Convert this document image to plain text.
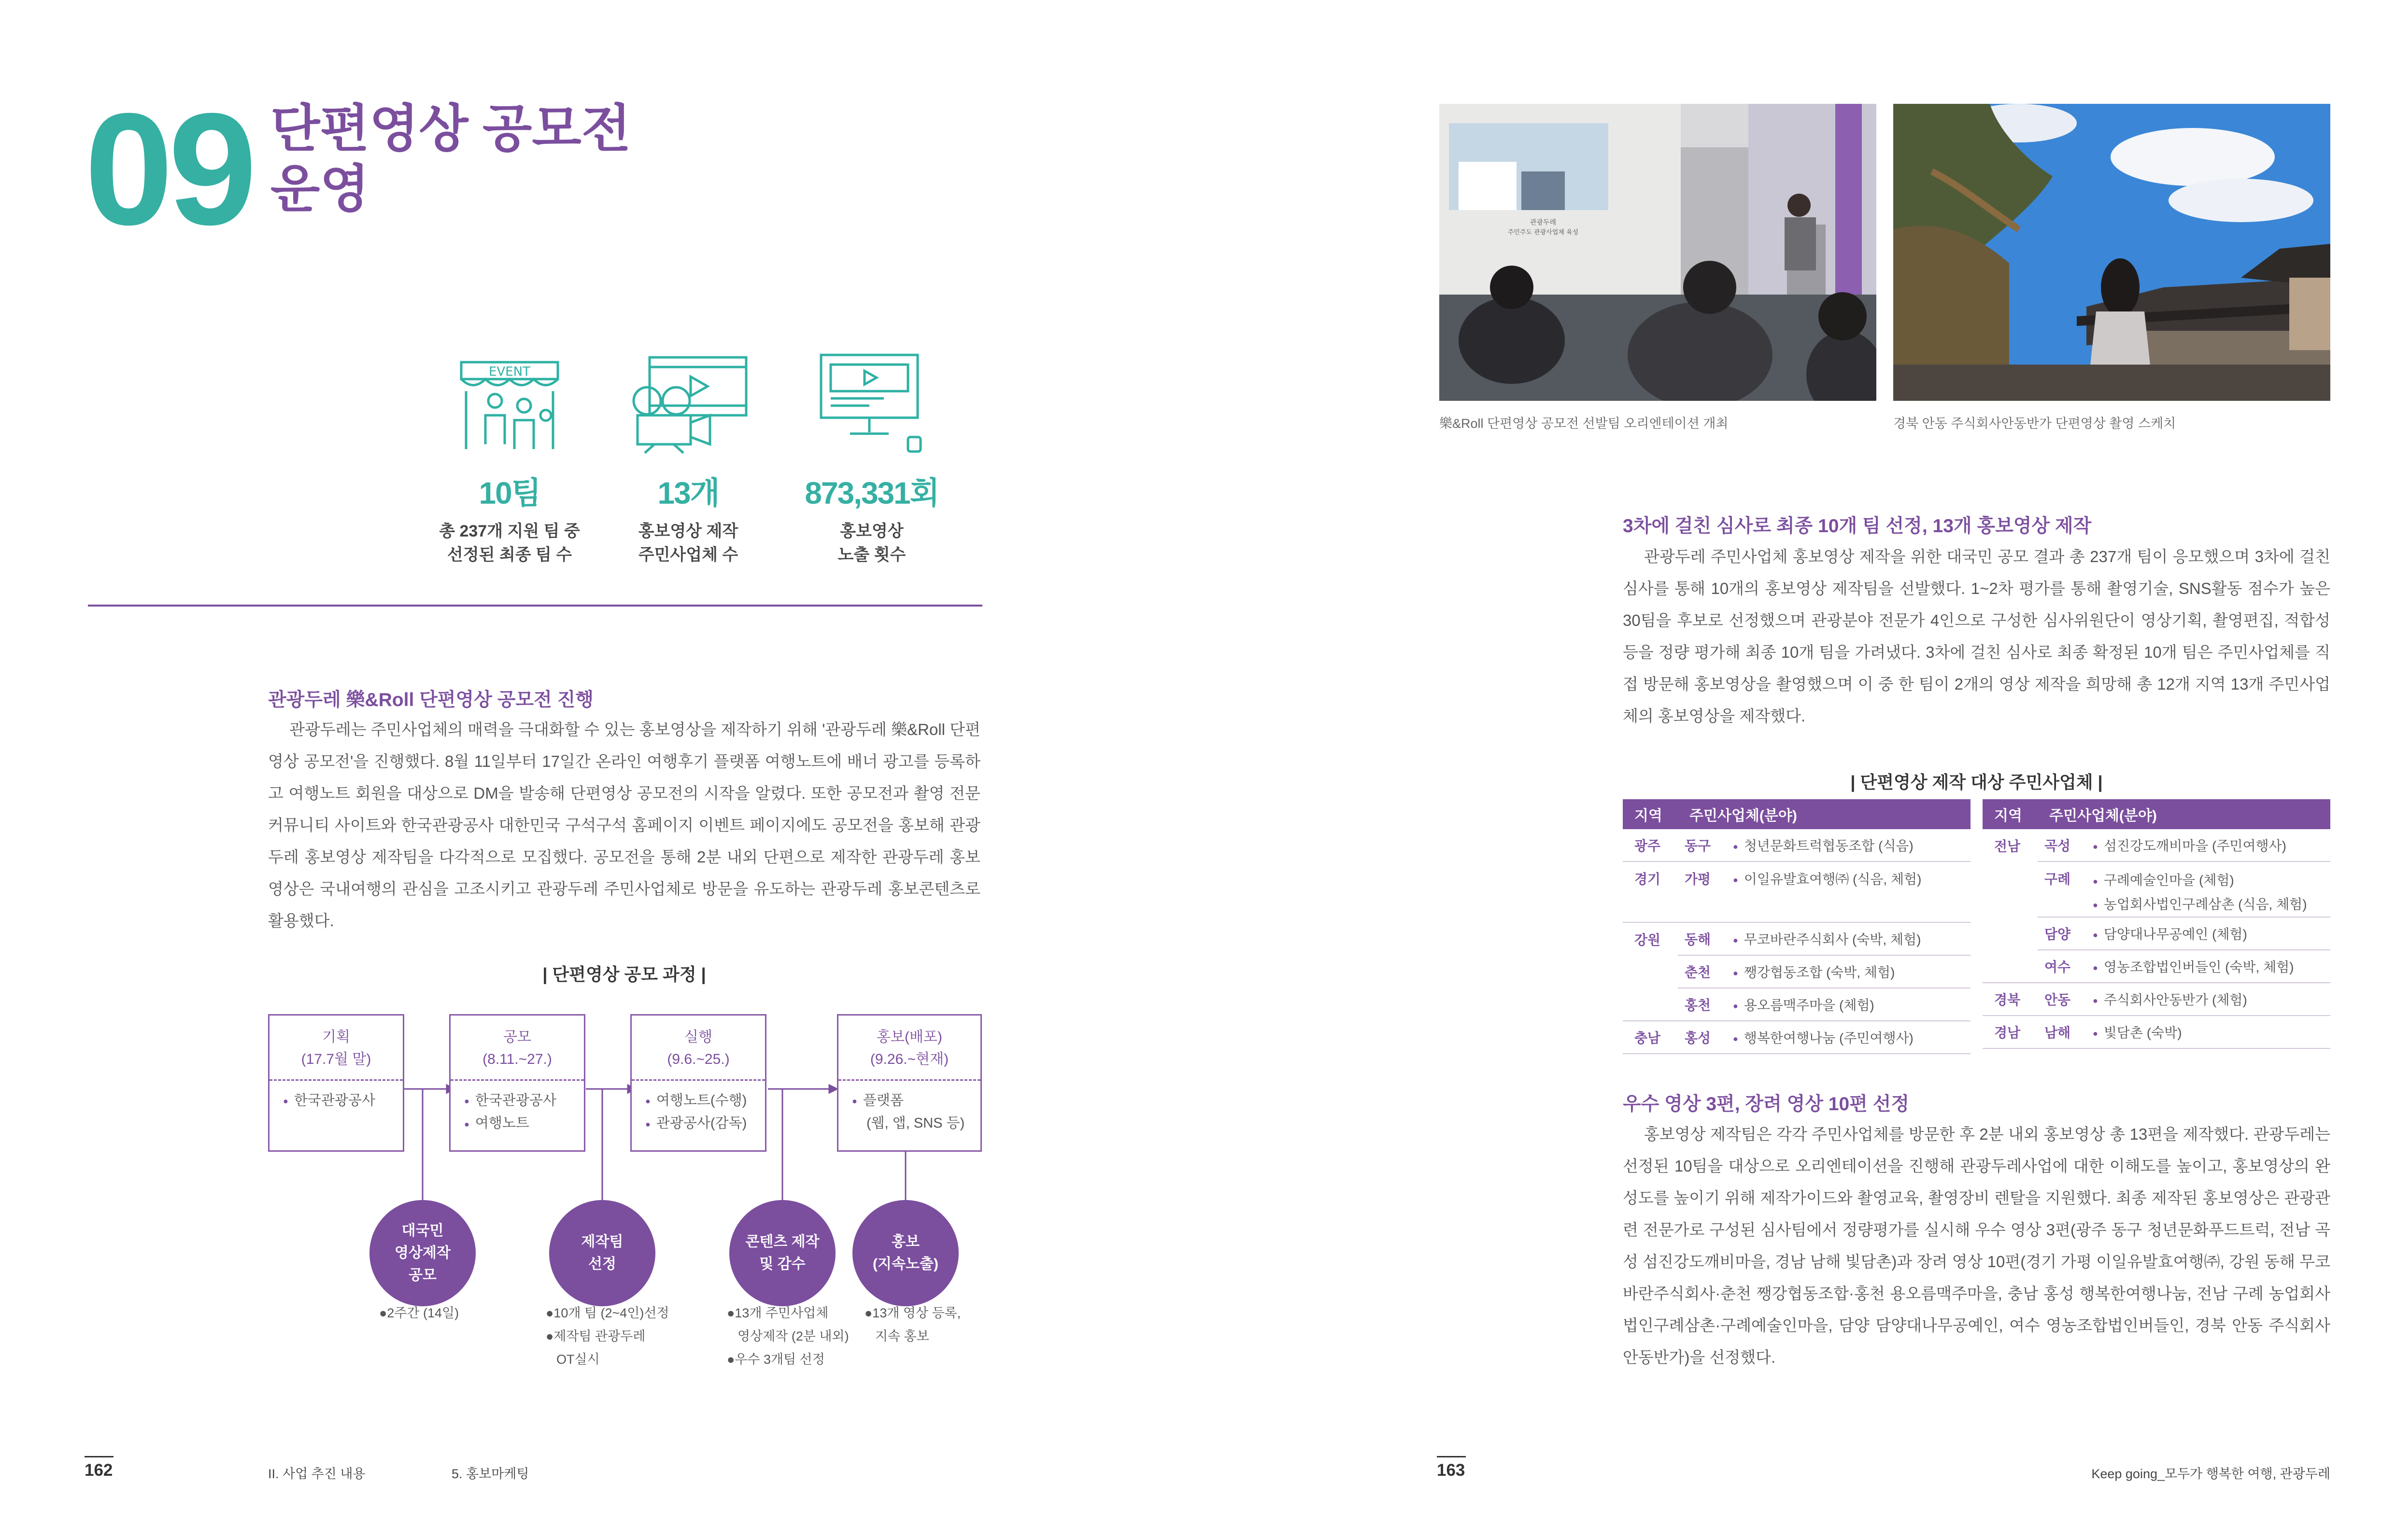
09 단편영상 공모전
운영
EVENT
10팀
총 237개 지원 팀 중
선정된 최종 팀 수
13개
홍보영상 제작
주민사업체 수
873,331회
홍보영상
노출 횟수
관광두레 樂&Roll 단편영상 공모전 진행
관광두레는 주민사업체의 매력을 극대화할 수 있는 홍보영상을 제작하기 위해 '관광두레 樂&Roll 단편영상 공모전'을 진행했다. 8월 11일부터 17일간 온라인 여행후기 플랫폼 여행노트에 배너 광고를 등록하고 여행노트 회원을 대상으로 DM을 발송해 단편영상 공모전의 시작을 알렸다. 또한 공모전과 촬영 전문 커뮤니티 사이트와 한국관광공사 대한민국 구석구석 홈페이지 이벤트 페이지에도 공모전을 홍보해 관광두레 홍보영상 제작팀을 다각적으로 모집했다. 공모전을 통해 2분 내외 단편으로 제작한 관광두레 홍보영상은 국내여행의 관심을 고조시키고 관광두레 주민사업체로 방문을 유도하는 관광두레 홍보콘텐츠로 활용했다.
| 단편영상 공모 과정 |
기획
(17.7월 말)
● 한국관광공사
공모
(8.11.~27.)
● 한국관광공사
● 여행노트
실행
(9.6.~25.)
● 여행노트(수행)
● 관광공사(감독)
홍보(배포)
(9.26.~현재)
● 플랫폼
(웹, 앱, SNS 등)
대국민
영상제작
공모
제작팀
선정
콘텐츠 제작
및 감수
홍보
(지속노출)
●2주간 (14일)	●10개 팀 (2~4인)선정
●제작팀 관광두레
OT실시
●13개 주민사업체
영상제작 (2분 내외)
●우수 3개팀 선정
●13개 영상 등록,
지속 홍보
162	II. 사업 추진 내용	5. 홍보마케팅
관광두레
주민주도 관광사업체 육성
樂&Roll 단편영상 공모전 선발팀 오리엔테이션 개최	경북 안동 주식회사안동반가 단편영상 촬영 스케치
3차에 걸친 심사로 최종 10개 팀 선정, 13개 홍보영상 제작
관광두레 주민사업체 홍보영상 제작을 위한 대국민 공모 결과 총 237개 팀이 응모했으며 3차에 걸친 심사를 통해 10개의 홍보영상 제작팀을 선발했다. 1~2차 평가를 통해 촬영기술, SNS활동 점수가 높은 30팀을 후보로 선정했으며 관광분야 전문가 4인으로 구성한 심사위원단이 영상기획, 촬영편집, 적합성 등을 정량 평가해 최종 10개 팀을 가려냈다. 3차에 걸친 심사로 최종 확정된 10개 팀은 주민사업체를 직접 방문해 홍보영상을 촬영했으며 이 중 한 팀이 2개의 영상 제작을 희망해 총 12개 지역 13개 주민사업체의 홍보영상을 제작했다.
| 단편영상 제작 대상 주민사업체 |
지역	주민사업체(분야)	
광주	동구	● 청년문화트럭협동조합 (식음)
경기	가평	● 이일유발효여행㈜ (식음, 체험)
강원	동해	● 무코바란주식회사 (숙박, 체험)
	춘천	● 쨍강협동조합 (숙박, 체험)
	홍천	● 용오름맥주마을 (체험)
충남	홍성	● 행복한여행나눔 (주민여행사)
지역	주민사업체(분야)	
전남	곡성	● 섬진강도깨비마을 (주민여행사)
	구례	● 구례예술인마을 (체험)
● 농업회사법인구례삼촌 (식음, 체험)

	담양	● 담양대나무공예인 (체험)
	여수	● 영농조합법인버들인 (숙박, 체험)
경북	안동	● 주식회사안동반가 (체험)
경남	남해	● 빛담촌 (숙박)
우수 영상 3편, 장려 영상 10편 선정
홍보영상 제작팀은 각각 주민사업체를 방문한 후 2분 내외 홍보영상 총 13편을 제작했다. 관광두레는 선정된 10팀을 대상으로 오리엔테이션을 진행해 관광두레사업에 대한 이해도를 높이고, 홍보영상의 완성도를 높이기 위해 제작가이드와 촬영교육, 촬영장비 렌탈을 지원했다. 최종 제작된 홍보영상은 관광관련 전문가로 구성된 심사팀에서 정량평가를 실시해 우수 영상 3편(광주 동구 청년문화푸드트럭, 전남 곡성 섬진강도깨비마을, 경남 남해 빛담촌)과 장려 영상 10편(경기 가평 이일유발효여행㈜, 강원 동해 무코바란주식회사·춘천 쨍강협동조합·홍천 용오름맥주마을, 충남 홍성 행복한여행나눔, 전남 구례 농업회사법인구례삼촌·구례예술인마을, 담양 담양대나무공예인, 여수 영농조합법인버들인, 경북 안동 주식회사안동반가)을 선정했다.
163	Keep going_모두가 행복한 여행, 관광두레
